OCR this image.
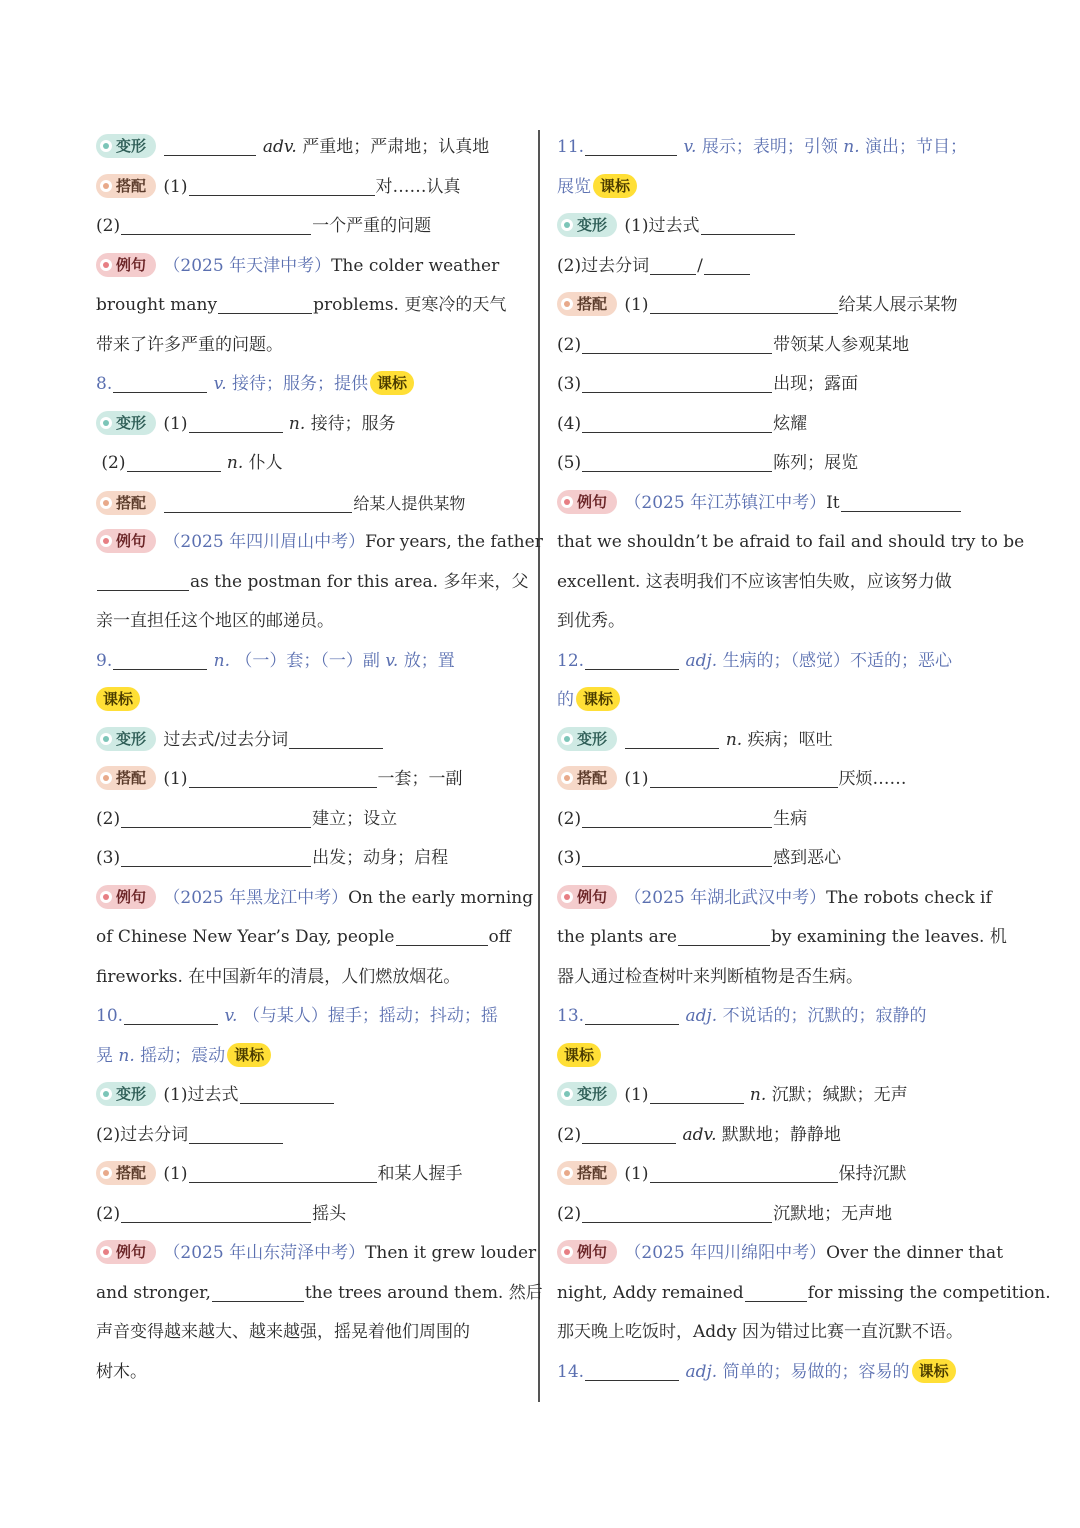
变形	adv. 严重地；严肃地；认真地
搭配 (1)	对……认真
(2)	一个严重的问题
例句 （2025 年天津中考）The colder weather
brought many	problems. 更寒冷的天气
带来了许多严重的问题。
8.	v. 接待；服务；提供 课标
变形 (1)	n. 接待；服务
(2)	n. 仆人
搭配	给某人提供某物
例句 （2025 年四川眉山中考）For years, the father
as the postman for this area. 多年来，父
亲一直担任这个地区的邮递员。
9.	n. （一）套；（一）副 v. 放；置
课标
变形 过去式/过去分词
搭配 (1)	一套；一副
(2)	建立；设立
(3)	出发；动身；启程
例句 （2025 年黑龙江中考）On the early morning
of Chinese New Year’s Day, people	off
fireworks. 在中国新年的清晨，人们燃放烟花。
10.	v. （与某人）握手；摇动；抖动；摇
晃 n. 摇动；震动 课标
变形 (1)过去式
(2)过去分词
搭配 (1)	和某人握手
(2)	摇头
例句 （2025 年山东菏泽中考）Then it grew louder
and stronger,	the trees around them. 然后
声音变得越来越大、越来越强，摇晃着他们周围的
树木。
11.	v. 展示；表明；引领 n. 演出；节目；
展览 课标
变形 (1)过去式
(2)过去分词	/
搭配 (1)	给某人展示某物
(2)	带领某人参观某地
(3)	出现；露面
(4)	炫耀
(5)	陈列；展览
例句 （2025 年江苏镇江中考）It
that we shouldn’t be afraid to fail and should try to be
excellent. 这表明我们不应该害怕失败，应该努力做
到优秀。
12.	adj. 生病的；（感觉）不适的；恶心
的 课标
变形	n. 疾病；呕吐
搭配 (1)	厌烦……
(2)	生病
(3)	感到恶心
例句 （2025 年湖北武汉中考）The robots check if
the plants are	by examining the leaves. 机
器人通过检查树叶来判断植物是否生病。
13.	adj. 不说话的；沉默的；寂静的
课标
变形 (1)	n. 沉默；缄默；无声
(2)	adv. 默默地；静静地
搭配 (1)	保持沉默
(2)	沉默地；无声地
例句 （2025 年四川绵阳中考）Over the dinner that
night, Addy remained	for missing the competition.
那天晚上吃饭时，Addy 因为错过比赛一直沉默不语。
14.	adj. 简单的；易做的；容易的 课标
